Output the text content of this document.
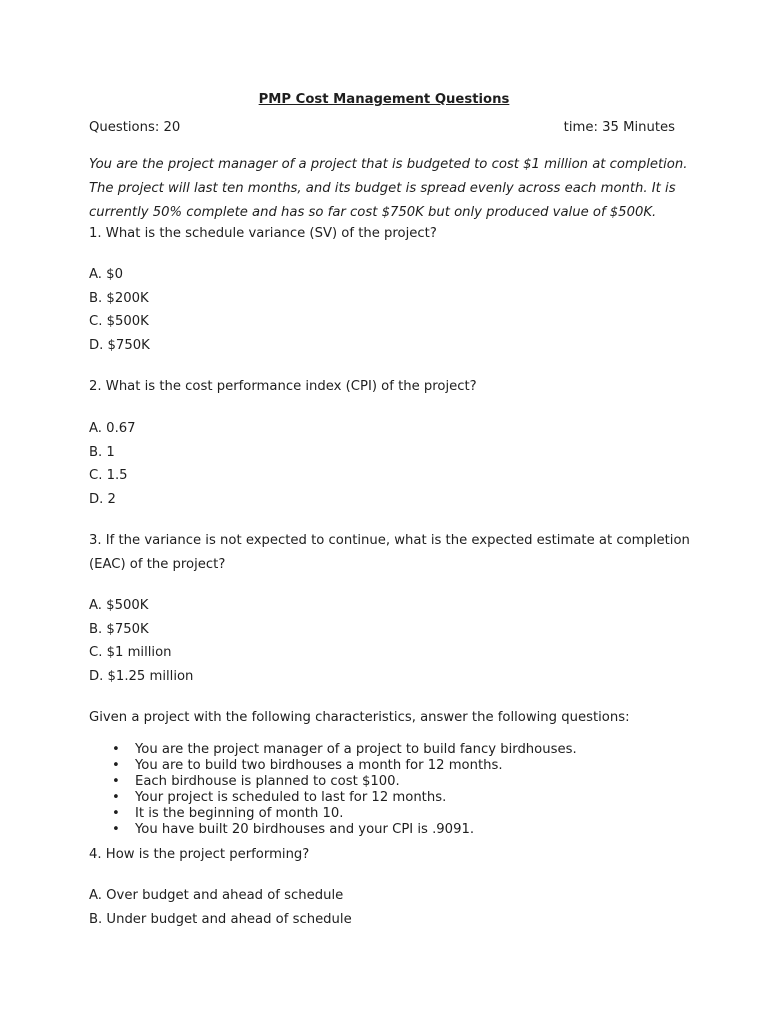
PMP Cost Management Questions
Questions: 20	time: 35 Minutes
You are the project manager of a project that is budgeted to cost $1 million at completion.
The project will last ten months, and its budget is spread evenly across each month. It is
currently 50% complete and has so far cost $750K but only produced value of $500K.
1. What is the schedule variance (SV) of the project?
A. $0
B. $200K
C. $500K
D. $750K
2. What is the cost performance index (CPI) of the project?
A. 0.67
B. 1
C. 1.5
D. 2
3. If the variance is not expected to continue, what is the expected estimate at completion
(EAC) of the project?
A. $500K
B. $750K
C. $1 million
D. $1.25 million
Given a project with the following characteristics, answer the following questions:
• You are the project manager of a project to build fancy birdhouses.
• You are to build two birdhouses a month for 12 months.
• Each birdhouse is planned to cost $100.
• Your project is scheduled to last for 12 months.
• It is the beginning of month 10.
• You have built 20 birdhouses and your CPI is .9091.
4. How is the project performing?
A. Over budget and ahead of schedule
B. Under budget and ahead of schedule
